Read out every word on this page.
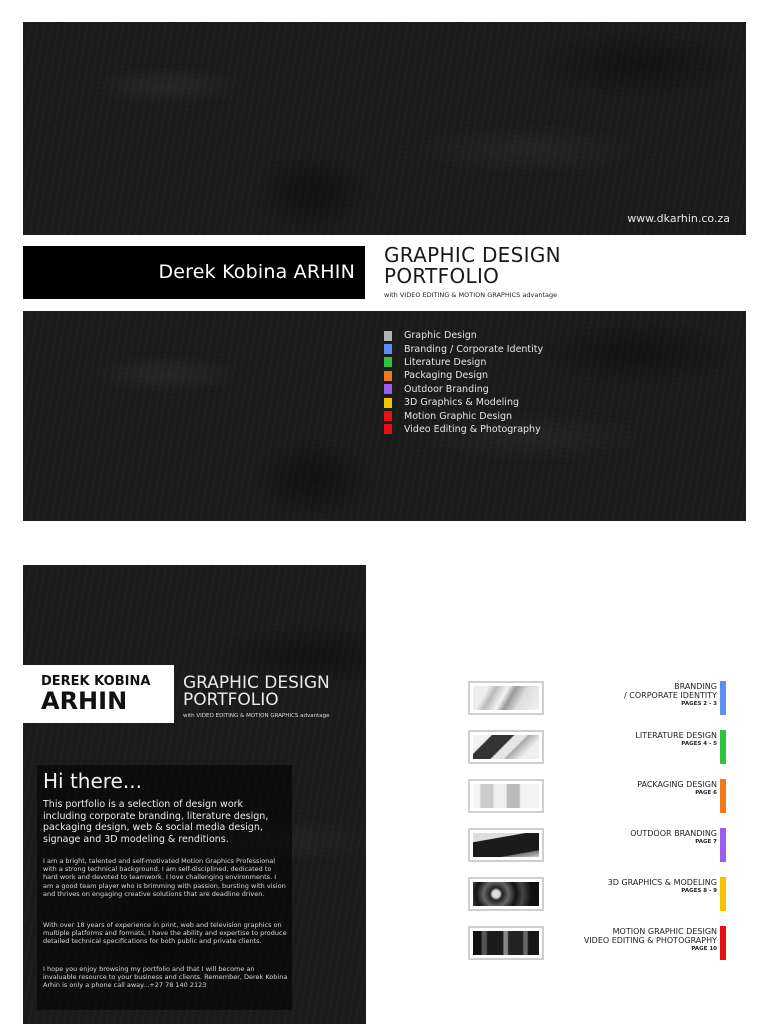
www.dkarhin.co.za
Derek Kobina ARHIN
GRAPHIC DESIGN
PORTFOLIO
with VIDEO EDITING & MOTION GRAPHICS advantage
Graphic Design
Branding / Corporate Identity
Literature Design
Packaging Design
Outdoor Branding
3D Graphics & Modeling
Motion Graphic Design
Video Editing & Photography
DEREK KOBINA
ARHIN
GRAPHIC DESIGN
PORTFOLIO
with VIDEO EDITING & MOTION GRAPHICS advantage
Hi there...
This portfolio is a selection of design work including corporate branding, literature design, packaging design, web & social media design, signage and 3D modeling & renditions.
I am a bright, talented and self-motivated Motion Graphics Professional with a strong technical background. I am self-disciplined, dedicated to hard work and devoted to teamwork. I love challenging environments. I am a good team player who is brimming with passion, bursting with vision and thrives on engaging creative solutions that are deadline driven.
With over 18 years of experience in print, web and television graphics on multiple platforms and formats, I have the ability and expertise to produce detailed technical specifications for both public and private clients.
I hope you enjoy browsing my portfolio and that I will become an invaluable resource to your business and clients. Remember, Derek Kobina Arhin is only a phone call away...+27 78 140 2123
BRANDING
/ CORPORATE IDENTITY
PAGES 2 - 3
LITERATURE DESIGN
PAGES 4 - 5
PACKAGING DESIGN
PAGE 6
OUTDOOR BRANDING
PAGE 7
3D GRAPHICS & MODELING
PAGES 8 - 9
MOTION GRAPHIC DESIGN
VIDEO EDITING & PHOTOGRAPHY
PAGE 10
